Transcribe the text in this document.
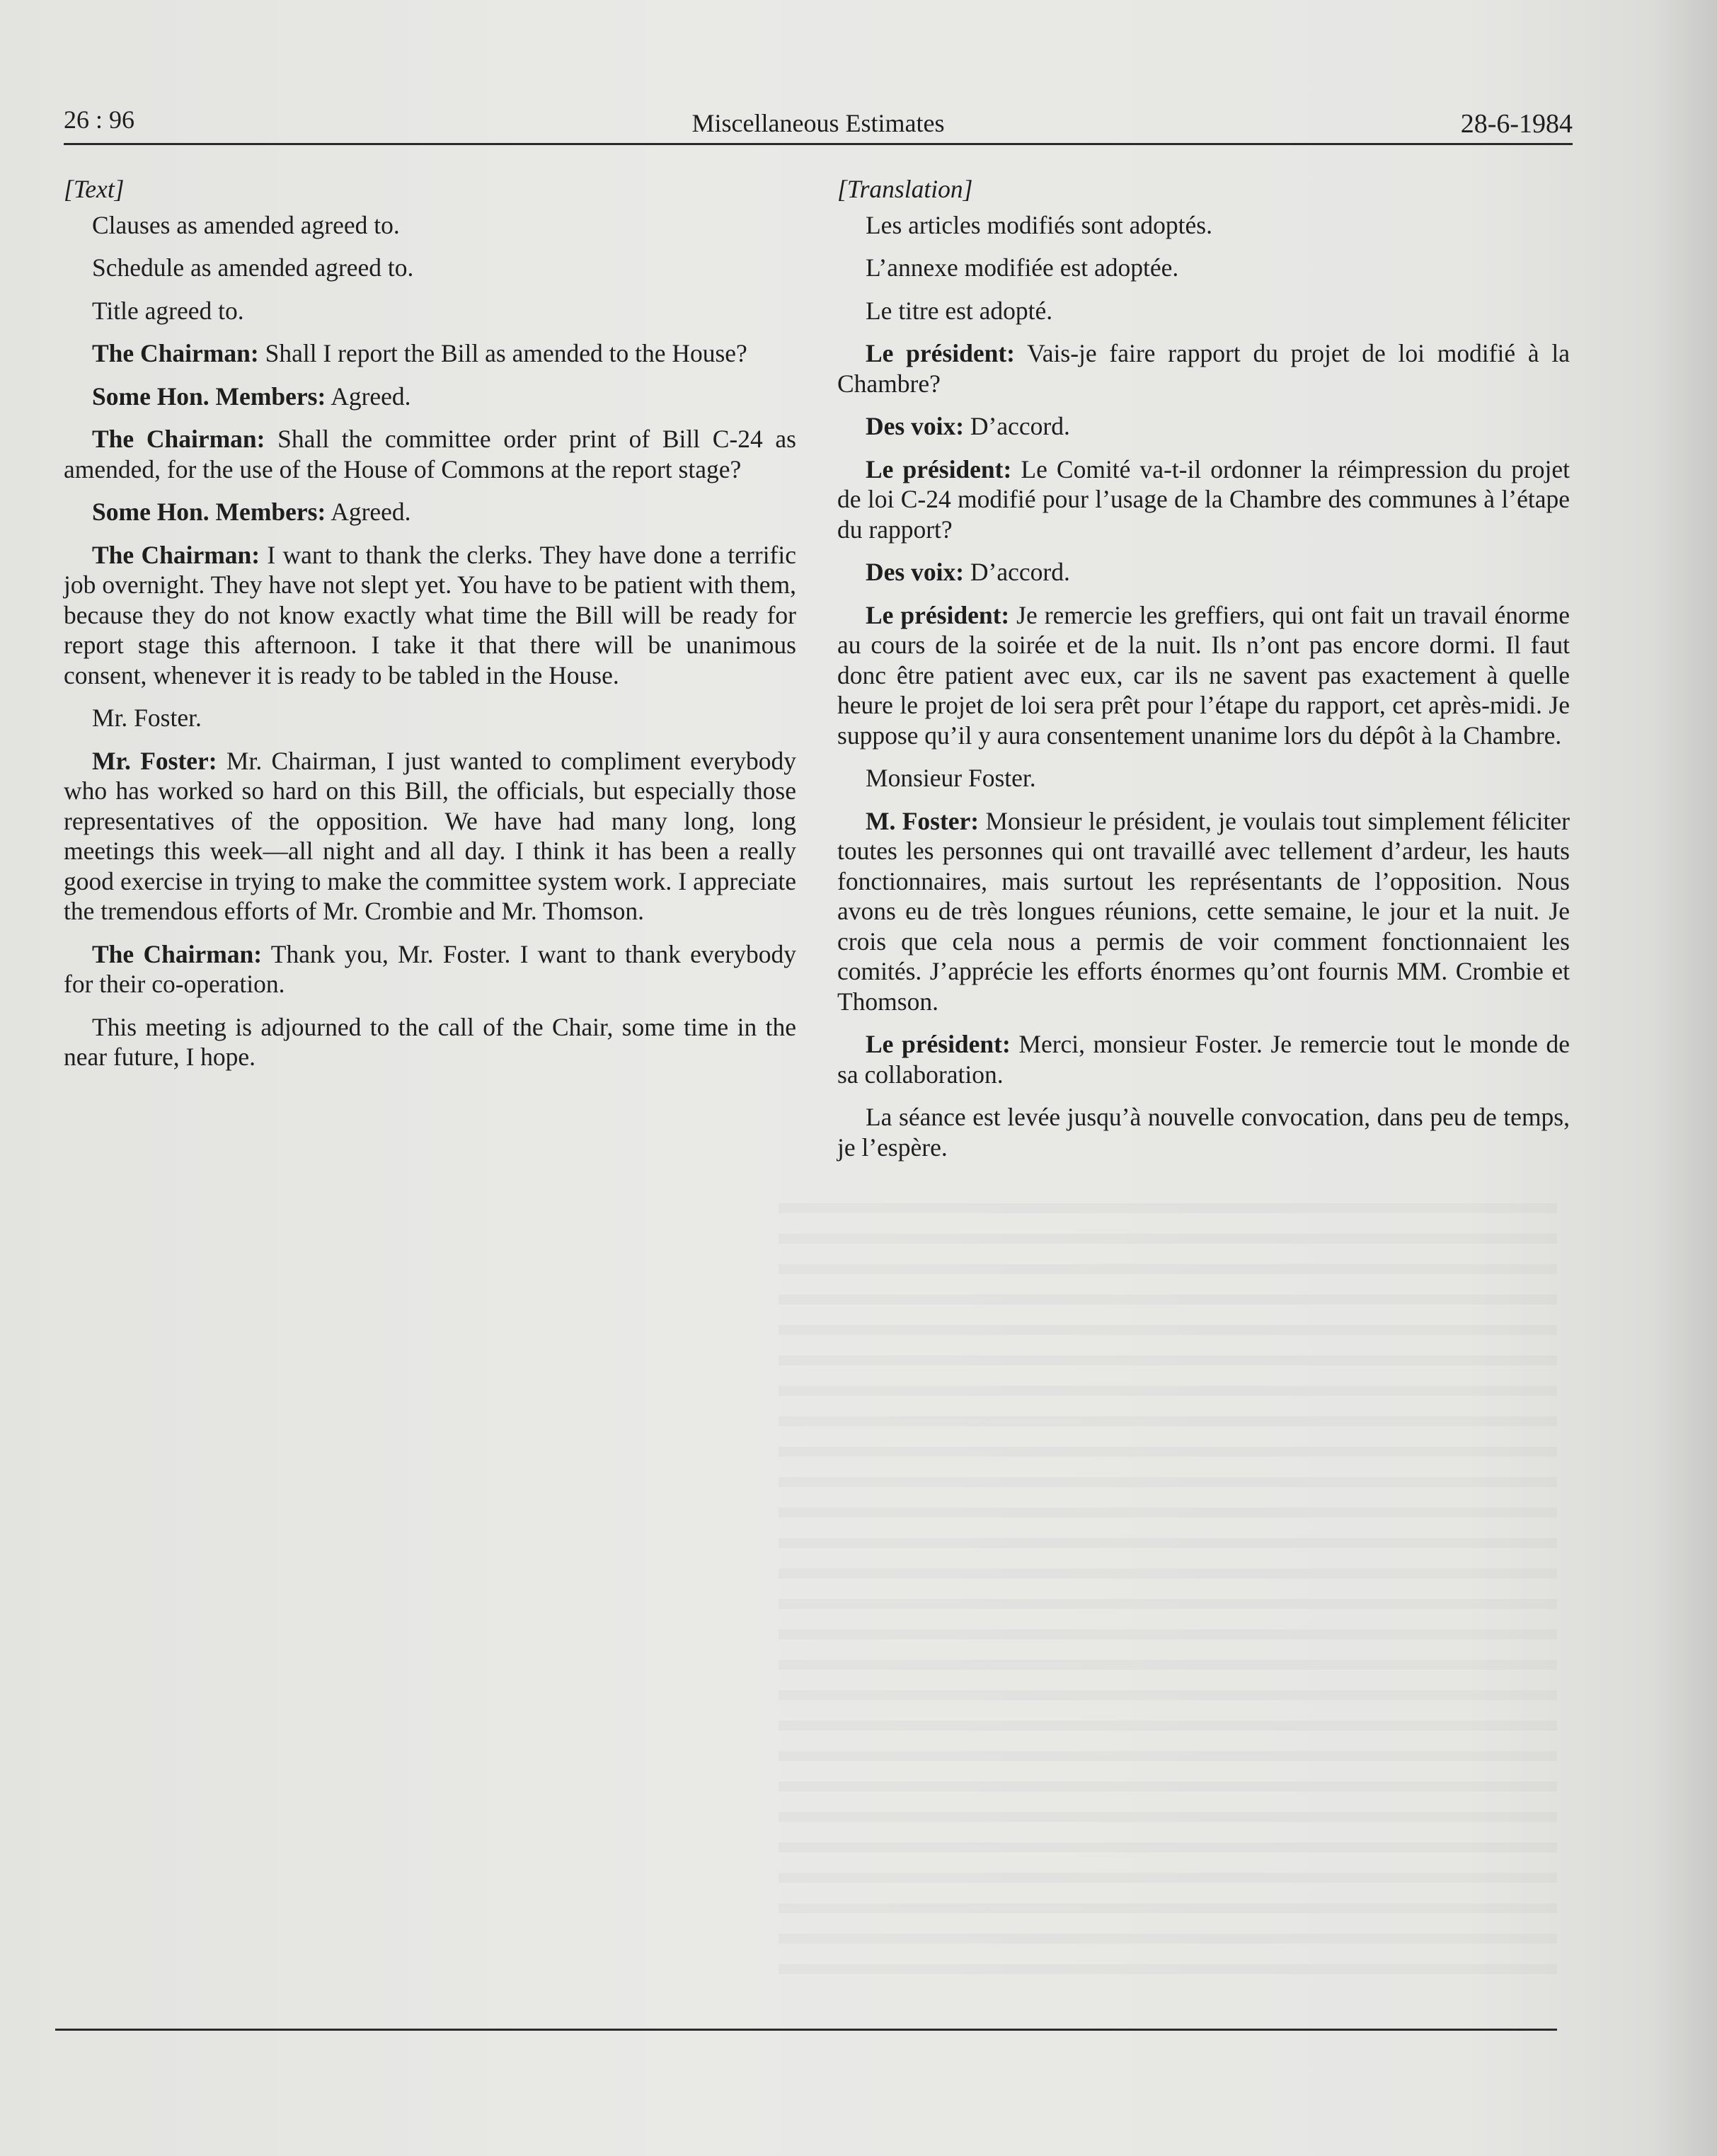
26 : 96	Miscellaneous Estimates	28-6-1984

[Text]

Clauses as amended agreed to.

Schedule as amended agreed to.

Title agreed to.

The Chairman: Shall I report the Bill as amended to the House?

Some Hon. Members: Agreed.

The Chairman: Shall the committee order print of Bill C-24 as amended, for the use of the House of Commons at the report stage?

Some Hon. Members: Agreed.

The Chairman: I want to thank the clerks. They have done a terrific job overnight. They have not slept yet. You have to be patient with them, because they do not know exactly what time the Bill will be ready for report stage this afternoon. I take it that there will be unanimous consent, whenever it is ready to be tabled in the House.

Mr. Foster.

Mr. Foster: Mr. Chairman, I just wanted to compliment everybody who has worked so hard on this Bill, the officials, but especially those representatives of the opposition. We have had many long, long meetings this week—all night and all day. I think it has been a really good exercise in trying to make the committee system work. I appreciate the tremendous efforts of Mr. Crombie and Mr. Thomson.

The Chairman: Thank you, Mr. Foster. I want to thank everybody for their co-operation.

This meeting is adjourned to the call of the Chair, some time in the near future, I hope.

[Translation]

Les articles modifiés sont adoptés.

L’annexe modifiée est adoptée.

Le titre est adopté.

Le président: Vais-je faire rapport du projet de loi modifié à la Chambre?

Des voix: D’accord.

Le président: Le Comité va-t-il ordonner la réimpression du projet de loi C-24 modifié pour l’usage de la Chambre des communes à l’étape du rapport?

Des voix: D’accord.

Le président: Je remercie les greffiers, qui ont fait un travail énorme au cours de la soirée et de la nuit. Ils n’ont pas encore dormi. Il faut donc être patient avec eux, car ils ne savent pas exactement à quelle heure le projet de loi sera prêt pour l’étape du rapport, cet après-midi. Je suppose qu’il y aura consentement unanime lors du dépôt à la Chambre.

Monsieur Foster.

M. Foster: Monsieur le président, je voulais tout simplement féliciter toutes les personnes qui ont travaillé avec tellement d’ardeur, les hauts fonctionnaires, mais surtout les représentants de l’opposition. Nous avons eu de très longues réunions, cette semaine, le jour et la nuit. Je crois que cela nous a permis de voir comment fonctionnaient les comités. J’apprécie les efforts énormes qu’ont fournis MM. Crombie et Thomson.

Le président: Merci, monsieur Foster. Je remercie tout le monde de sa collaboration.

La séance est levée jusqu’à nouvelle convocation, dans peu de temps, je l’espère.
